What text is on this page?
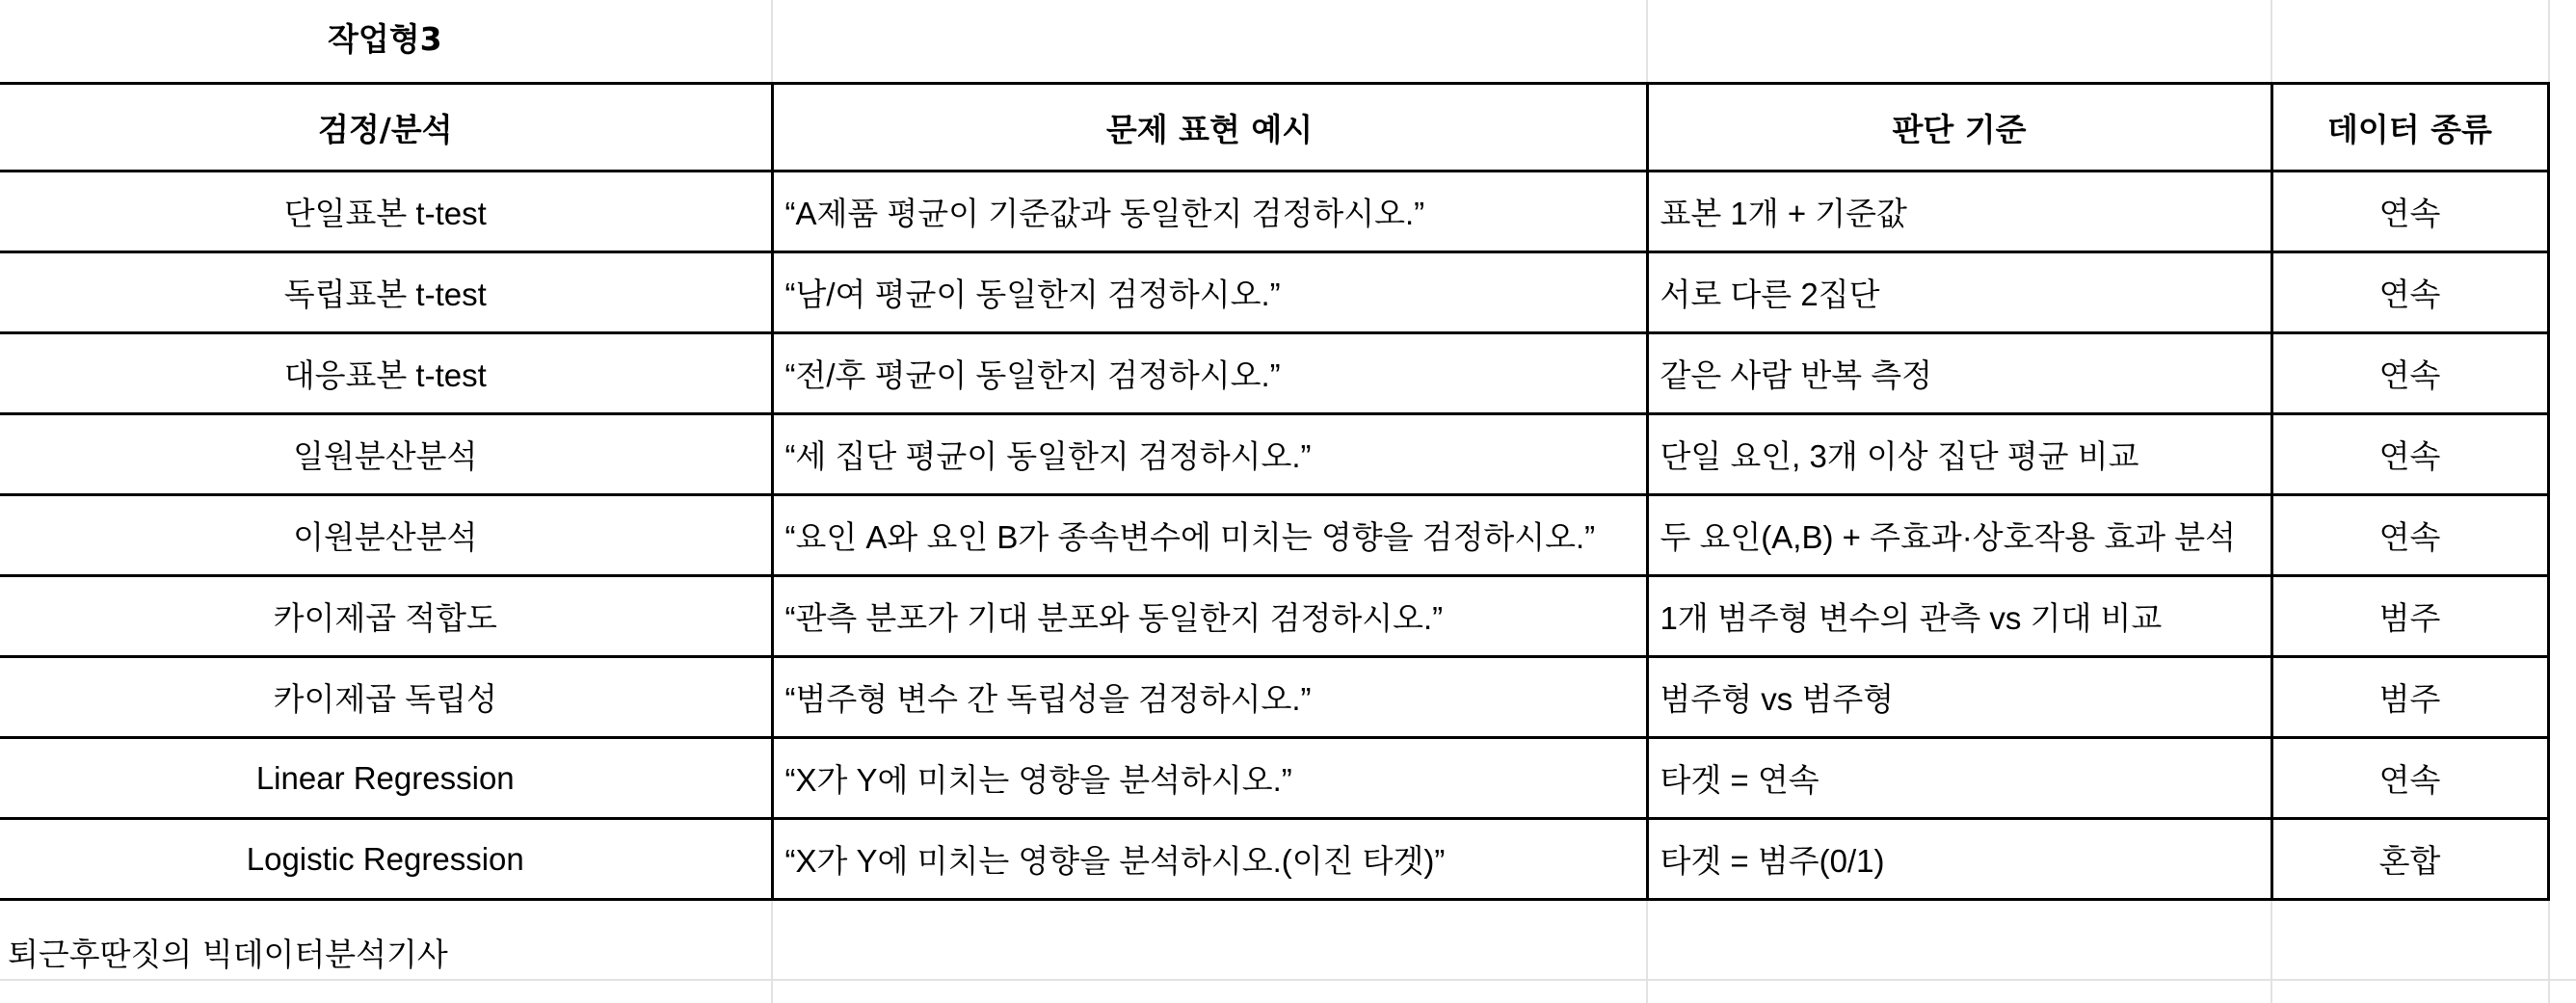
작업형3
검정/분석	문제 표현 예시	판단 기준	데이터 종류
단일표본 t-test	“A제품 평균이 기준값과 동일한지 검정하시오.”	표본 1개 + 기준값	연속
독립표본 t-test	“남/여 평균이 동일한지 검정하시오.”	서로 다른 2집단	연속
대응표본 t-test	“전/후 평균이 동일한지 검정하시오.”	같은 사람 반복 측정	연속
일원분산분석	“세 집단 평균이 동일한지 검정하시오.”	단일 요인, 3개 이상 집단 평균 비교	연속
이원분산분석	“요인 A와 요인 B가 종속변수에 미치는 영향을 검정하시오.”	두 요인(A,B) + 주효과·상호작용 효과 분석	연속
카이제곱 적합도	“관측 분포가 기대 분포와 동일한지 검정하시오.”	1개 범주형 변수의 관측 vs 기대 비교	범주
카이제곱 독립성	“범주형 변수 간 독립성을 검정하시오.”	범주형 vs 범주형	범주
Linear Regression	“X가 Y에 미치는 영향을 분석하시오.”	타겟 = 연속	연속
Logistic Regression	“X가 Y에 미치는 영향을 분석하시오.(이진 타겟)”	타겟 = 범주(0/1)	혼합
퇴근후딴짓의 빅데이터분석기사
